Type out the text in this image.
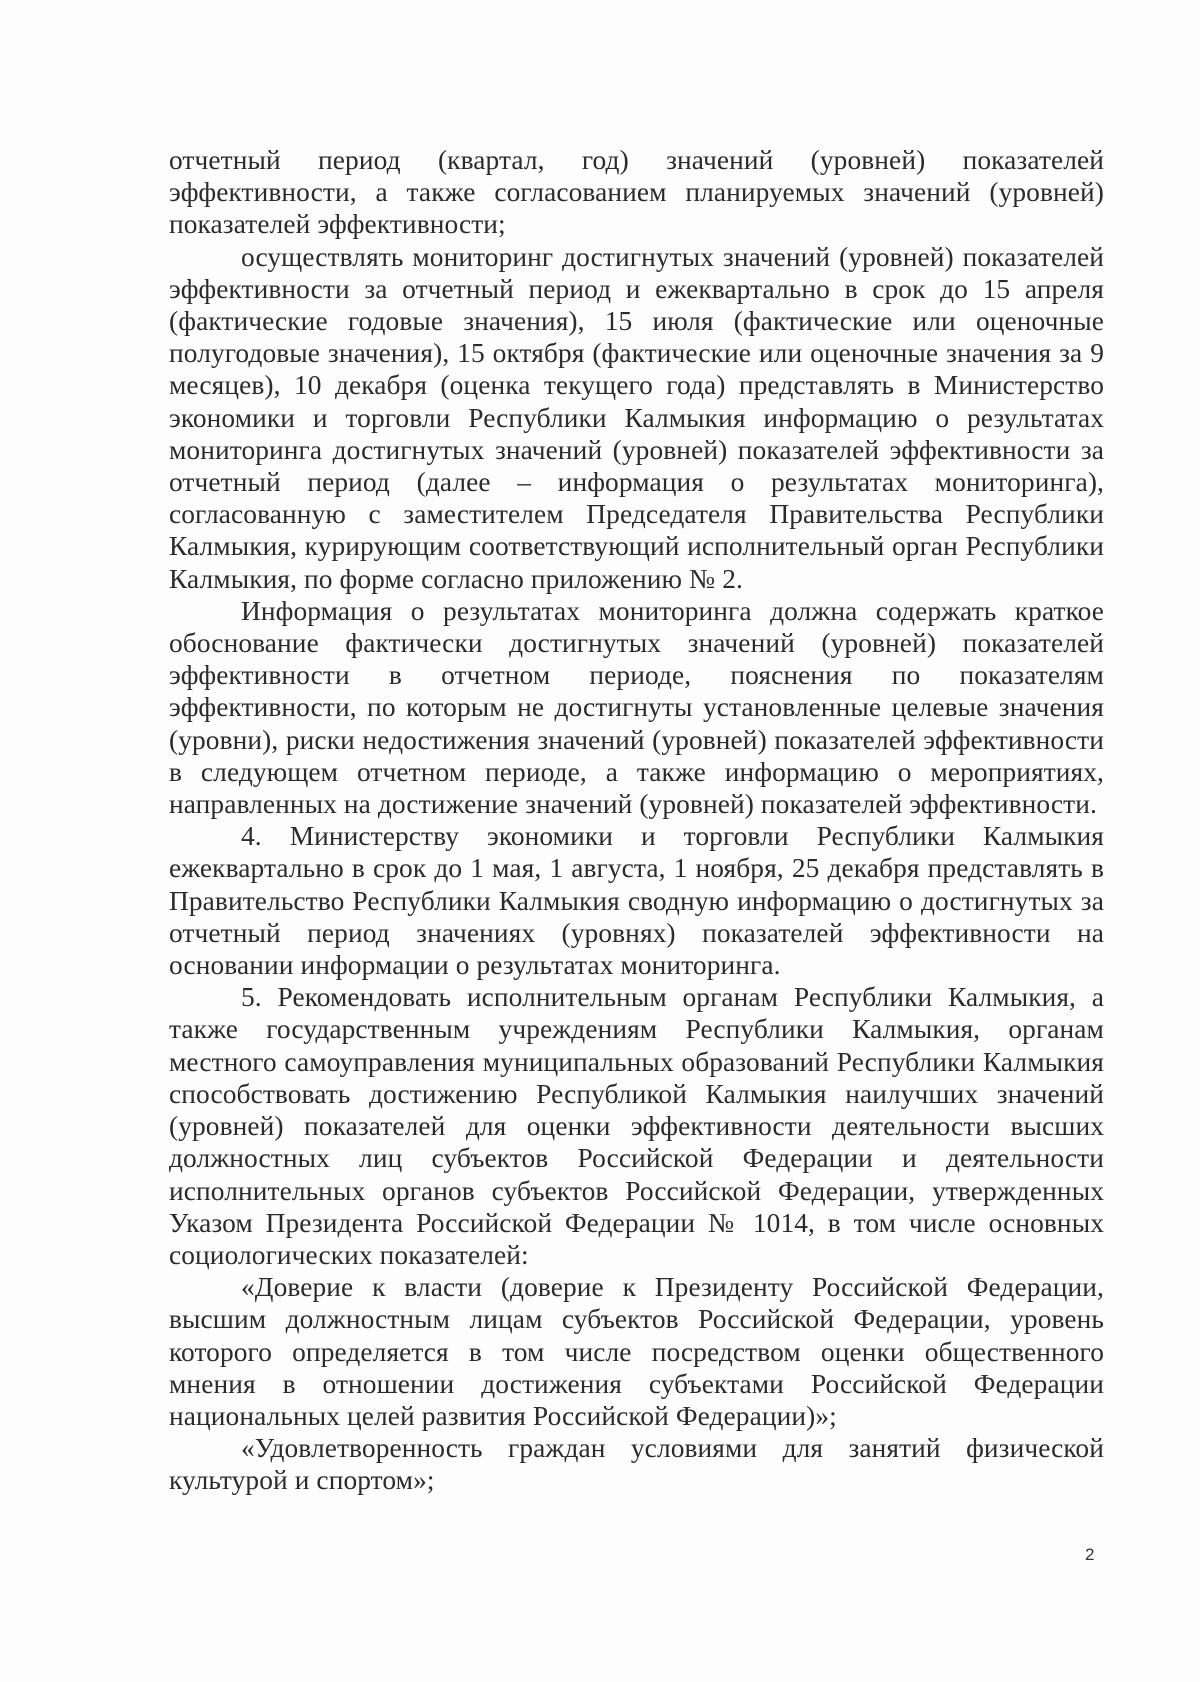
отчетный период (квартал, год) значений (уровней) показателей эффективности, а также согласованием планируемых значений (уровней) показателей эффективности;

осуществлять мониторинг достигнутых значений (уровней) показателей эффективности за отчетный период и ежеквартально в срок до 15 апреля (фактические годовые значения), 15 июля (фактические или оценочные полугодовые значения), 15 октября (фактические или оценочные значения за 9 месяцев), 10 декабря (оценка текущего года) представлять в Министерство экономики и торговли Республики Калмыкия информацию о результатах мониторинга достигнутых значений (уровней) показателей эффективности за отчетный период (далее – информация о результатах мониторинга), согласованную с заместителем Председателя Правительства Республики Калмыкия, курирующим соответствующий исполнительный орган Республики Калмыкия, по форме согласно приложению № 2.

Информация о результатах мониторинга должна содержать краткое обоснование фактически достигнутых значений (уровней) показателей эффективности в отчетном периоде, пояснения по показателям эффективности, по которым не достигнуты установленные целевые значения (уровни), риски недостижения значений (уровней) показателей эффективности в следующем отчетном периоде, а также информацию о мероприятиях, направленных на достижение значений (уровней) показателей эффективности.

4. Министерству экономики и торговли Республики Калмыкия ежеквартально в срок до 1 мая, 1 августа, 1 ноября, 25 декабря представлять в Правительство Республики Калмыкия сводную информацию о достигнутых за отчетный период значениях (уровнях) показателей эффективности на основании информации о результатах мониторинга.

5. Рекомендовать исполнительным органам Республики Калмыкия, а также государственным учреждениям Республики Калмыкия, органам местного самоуправления муниципальных образований Республики Калмыкия способствовать достижению Республикой Калмыкия наилучших значений (уровней) показателей для оценки эффективности деятельности высших должностных лиц субъектов Российской Федерации и деятельности исполнительных органов субъектов Российской Федерации, утвержденных Указом Президента Российской Федерации № 1014, в том числе основных социологических показателей:

«Доверие к власти (доверие к Президенту Российской Федерации, высшим должностным лицам субъектов Российской Федерации, уровень которого определяется в том числе посредством оценки общественного мнения в отношении достижения субъектами Российской Федерации национальных целей развития Российской Федерации)»;

«Удовлетворенность граждан условиями для занятий физической культурой и спортом»;

2
